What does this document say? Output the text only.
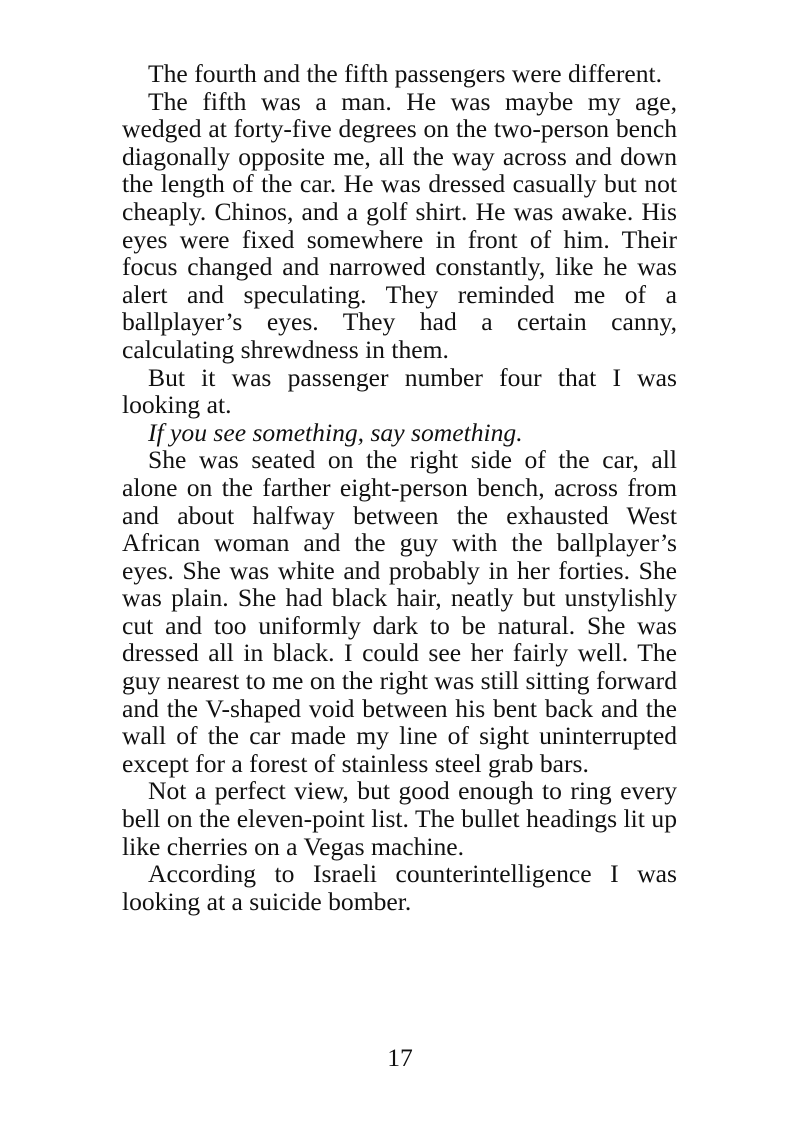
The fourth and the fifth passengers were different.

The fifth was a man. He was maybe my age, wedged at forty-five degrees on the two-person bench diagonally opposite me, all the way across and down the length of the car. He was dressed casually but not cheaply. Chinos, and a golf shirt. He was awake. His eyes were fixed somewhere in front of him. Their focus changed and narrowed constantly, like he was alert and speculating. They reminded me of a ballplayer’s eyes. They had a certain canny, calculating shrewdness in them.

But it was passenger number four that I was looking at.

If you see something, say something.

She was seated on the right side of the car, all alone on the farther eight-person bench, across from and about halfway between the exhausted West African woman and the guy with the ballplayer’s eyes. She was white and probably in her forties. She was plain. She had black hair, neatly but unstylishly cut and too uniformly dark to be natural. She was dressed all in black. I could see her fairly well. The guy nearest to me on the right was still sitting forward and the V-shaped void between his bent back and the wall of the car made my line of sight uninterrupted except for a forest of stainless steel grab bars.

Not a perfect view, but good enough to ring every bell on the eleven-point list. The bullet headings lit up like cherries on a Vegas machine.

According to Israeli counterintelligence I was looking at a suicide bomber.

17
